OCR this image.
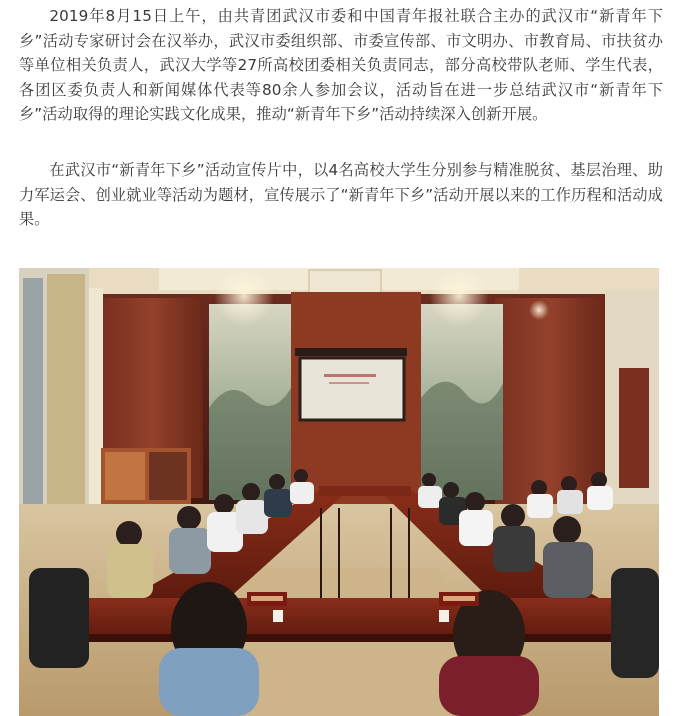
2019年8月15日上午，由共青团武汉市委和中国青年报社联合主办的武汉市“新青年下乡”活动专家研讨会在汉举办，武汉市委组织部、市委宣传部、市文明办、市教育局、市扶贫办等单位相关负责人，武汉大学等27所高校团委相关负责同志，部分高校带队老师、学生代表，各团区委负责人和新闻媒体代表等80余人参加会议，活动旨在进一步总结武汉市“新青年下乡”活动取得的理论实践文化成果，推动“新青年下乡”活动持续深入创新开展。

在武汉市“新青年下乡”活动宣传片中，以4名高校大学生分别参与精准脱贫、基层治理、助力军运会、创业就业等活动为题材，宣传展示了“新青年下乡”活动开展以来的工作历程和活动成果。
